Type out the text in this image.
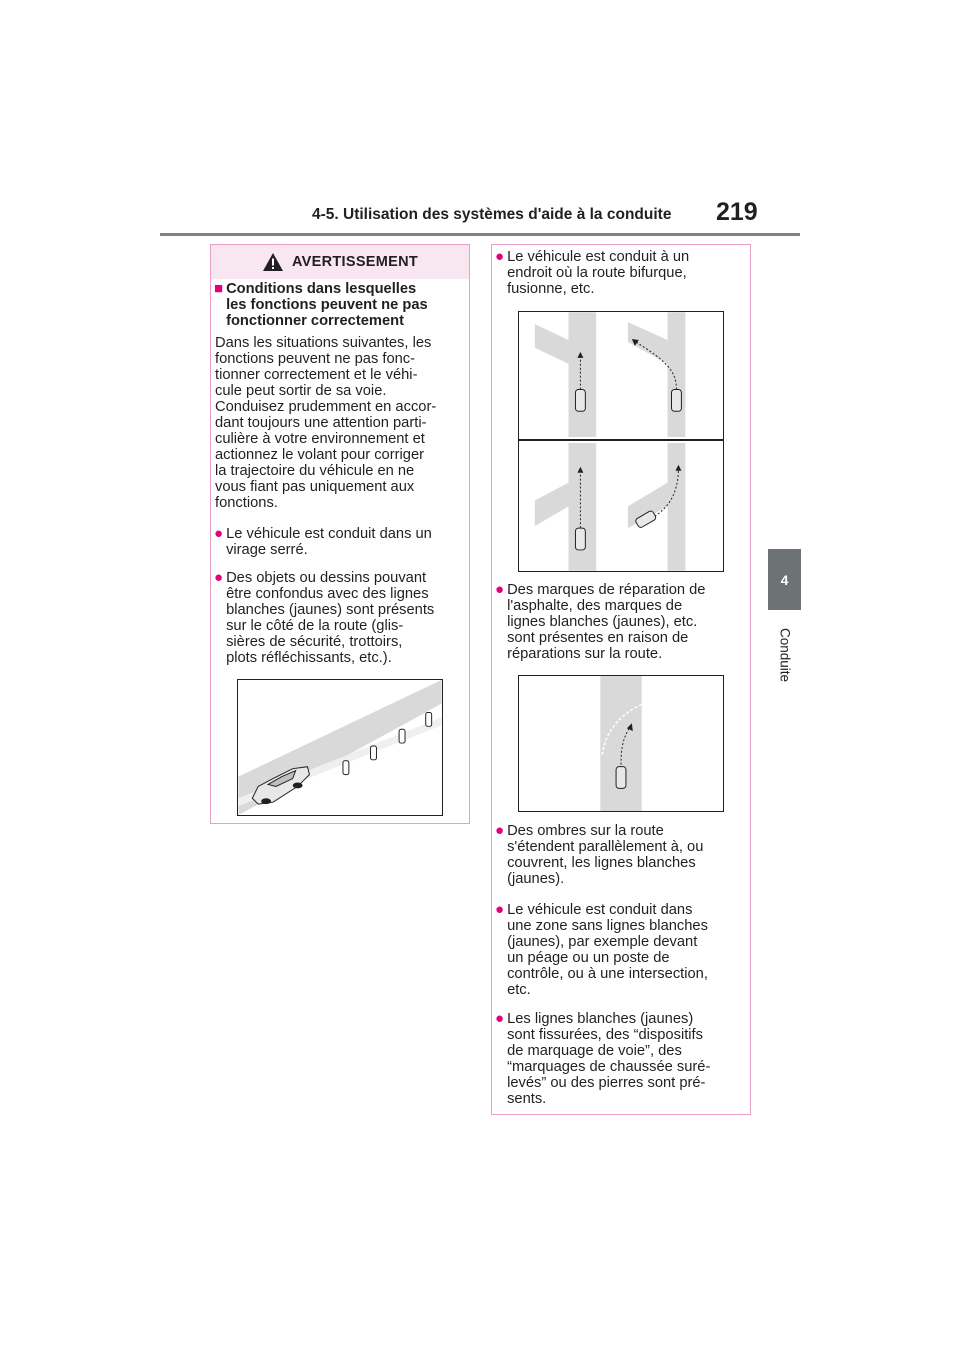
4-5. Utilisation des systèmes d'aide à la conduite 219
4
Conduite
AVERTISSEMENT
■ Conditions dans lesquelles
les fonctions peuvent ne pas
fonctionner correctement
Dans les situations suivantes, les
fonctions peuvent ne pas fonc-
tionner correctement et le véhi-
cule peut sortir de sa voie.
Conduisez prudemment en accor-
dant toujours une attention parti-
culière à votre environnement et
actionnez le volant pour corriger
la trajectoire du véhicule en ne
vous fiant pas uniquement aux
fonctions.
● Le véhicule est conduit dans un
virage serré.
● Des objets ou dessins pouvant
être confondus avec des lignes
blanches (jaunes) sont présents
sur le côté de la route (glis-
sières de sécurité, trottoirs,
plots réfléchissants, etc.).
● Le véhicule est conduit à un
endroit où la route bifurque,
fusionne, etc.
● Des marques de réparation de
l'asphalte, des marques de
lignes blanches (jaunes), etc.
sont présentes en raison de
réparations sur la route.
● Des ombres sur la route
s'étendent parallèlement à, ou
couvrent, les lignes blanches
(jaunes).
● Le véhicule est conduit dans
une zone sans lignes blanches
(jaunes), par exemple devant
un péage ou un poste de
contrôle, ou à une intersection,
etc.
● Les lignes blanches (jaunes)
sont fissurées, des “dispositifs
de marquage de voie”, des
“marquages de chaussée suré-
levés” ou des pierres sont pré-
sents.
